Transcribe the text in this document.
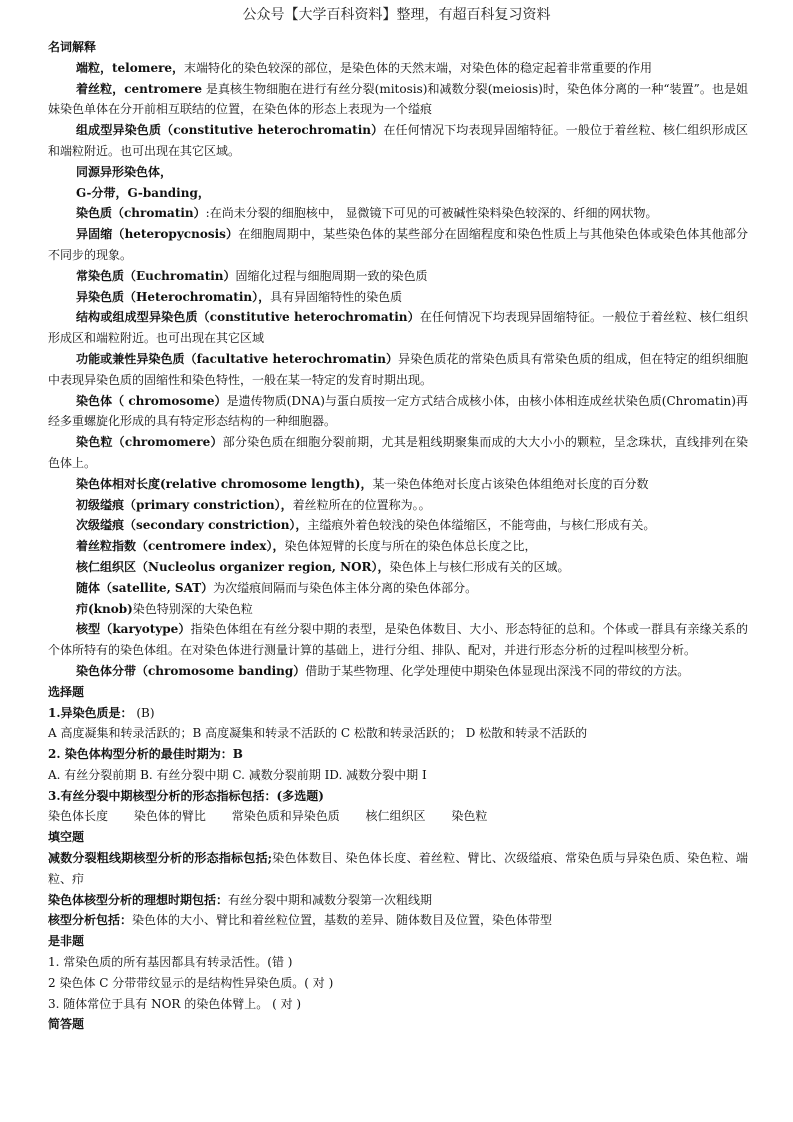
公众号【大学百科资料】整理，有超百科复习资料
名词解释
端粒，telomere，末端特化的染色较深的部位，是染色体的天然末端，对染色体的稳定起着非常重要的作用
着丝粒，centromere 是真核生物细胞在进行有丝分裂(mitosis)和减数分裂(meiosis)时，染色体分离的一种“装置”。也是姐妹染色单体在分开前相互联结的位置，在染色体的形态上表现为一个缢痕
组成型异染色质（constitutive heterochromatin）在任何情况下均表现异固缩特征。一般位于着丝粒、核仁组织形成区和端粒附近。也可出现在其它区域。
同源异形染色体，
G-分带，G-banding，
染色质（chromatin）:在尚未分裂的细胞核中， 显微镜下可见的可被碱性染料染色较深的、纤细的网状物。
异固缩（heteropycnosis）在细胞周期中，某些染色体的某些部分在固缩程度和染色性质上与其他染色体或染色体其他部分不同步的现象。
常染色质（Euchromatin）固缩化过程与细胞周期一致的染色质
异染色质（Heterochromatin），具有异固缩特性的染色质
结构或组成型异染色质（constitutive heterochromatin）在任何情况下均表现异固缩特征。一般位于着丝粒、核仁组织形成区和端粒附近。也可出现在其它区域
功能或兼性异染色质（facultative heterochromatin）异染色质花的常染色质具有常染色质的组成，但在特定的组织细胞中表现异染色质的固缩性和染色特性，一般在某一特定的发育时期出现。
染色体（ chromosome）是遗传物质(DNA)与蛋白质按一定方式结合成核小体，由核小体相连成丝状染色质(Chromatin)再经多重螺旋化形成的具有特定形态结构的一种细胞器。
染色粒（chromomere）部分染色质在细胞分裂前期，尤其是粗线期聚集而成的大大小小的颗粒，呈念珠状，直线排列在染色体上。
染色体相对长度(relative chromosome length)，某一染色体绝对长度占该染色体组绝对长度的百分数
初级缢痕（primary constriction），着丝粒所在的位置称为。。
次级缢痕（secondary constriction），主缢痕外着色较浅的染色体缢缩区，不能弯曲，与核仁形成有关。
着丝粒指数（centromere index），染色体短臂的长度与所在的染色体总长度之比，
核仁组织区（Nucleolus organizer region, NOR），染色体上与核仁形成有关的区域。
随体（satellite, SAT）为次缢痕间隔而与染色体主体分离的染色体部分。
疖(knob)染色特别深的大染色粒
核型（karyotype）指染色体组在有丝分裂中期的表型，是染色体数目、大小、形态特征的总和。个体或一群具有亲缘关系的个体所特有的染色体组。在对染色体进行测量计算的基础上，进行分组、排队、配对，并进行形态分析的过程叫核型分析。
染色体分带（chromosome banding）借助于某些物理、化学处理使中期染色体显现出深浅不同的带纹的方法。
选择题
1.异染色质是： (B)
A 高度凝集和转录活跃的；B 高度凝集和转录不活跃的 C 松散和转录活跃的； D 松散和转录不活跃的
2. 染色体构型分析的最佳时期为：B
A. 有丝分裂前期 B. 有丝分裂中期 C. 减数分裂前期 ID. 减数分裂中期 I
3.有丝分裂中期核型分析的形态指标包括：(多选题)
染色体长度 染色体的臂比 常染色质和异染色质 核仁组织区 染色粒
填空题
减数分裂粗线期核型分析的形态指标包括;染色体数目、染色体长度、着丝粒、臂比、次级缢痕、常染色质与异染色质、染色粒、端粒、疖
染色体核型分析的理想时期包括：有丝分裂中期和减数分裂第一次粗线期
核型分析包括：染色体的大小、臂比和着丝粒位置，基数的差异、随体数目及位置，染色体带型
是非题
1. 常染色质的所有基因都具有转录活性。(错 )
2 染色体 C 分带带纹显示的是结构性异染色质。( 对 )
3. 随体常位于具有 NOR 的染色体臂上。 ( 对 )
简答题
